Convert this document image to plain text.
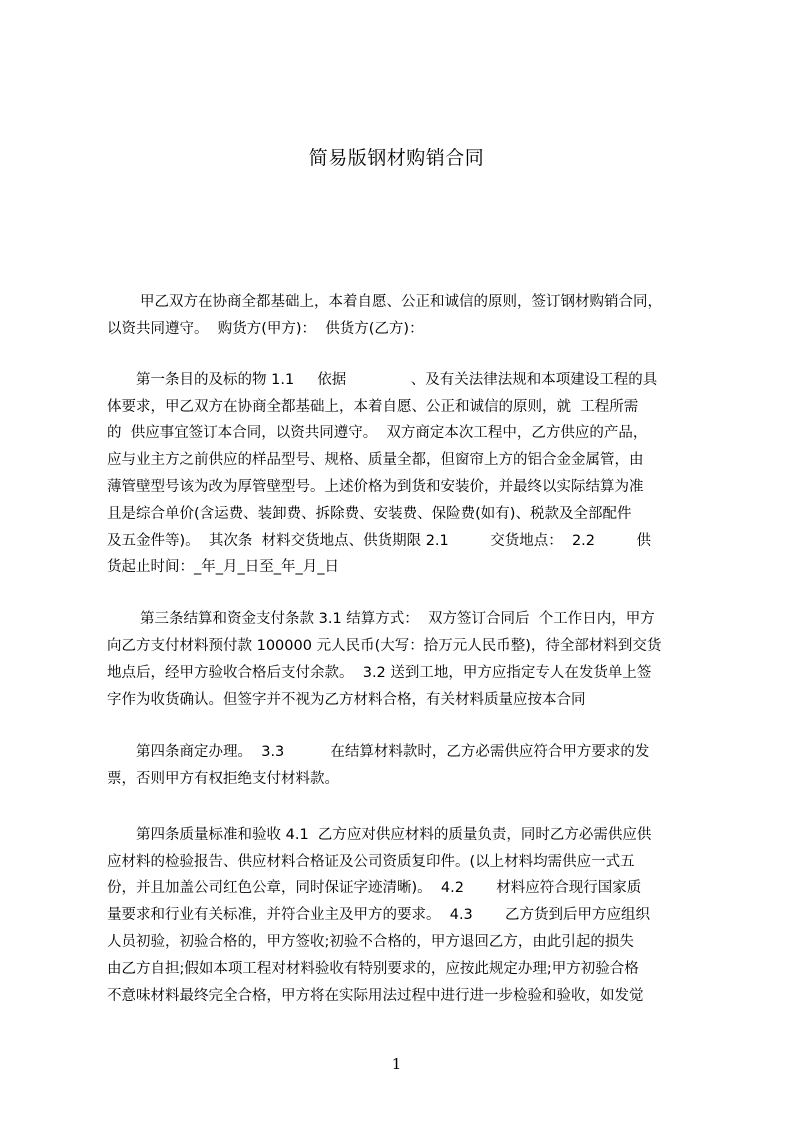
简易版钢材购销合同
甲乙双方在协商全都基础上，本着自愿、公正和诚信的原则，签订钢材购销合同，
以资共同遵守。  购货方(甲方)：  供货方(乙方)：
第一条目的及标的物 1.1     依据              、及有关法律法规和本项建设工程的具
体要求，甲乙双方在协商全都基础上，本着自愿、公正和诚信的原则，就  工程所需
的  供应事宜签订本合同，以资共同遵守。  双方商定本次工程中，乙方供应的产品，
应与业主方之前供应的样品型号、规格、质量全都，但窗帘上方的铝合金金属管，由
薄管壁型号该为改为厚管壁型号。上述价格为到货和安装价，并最终以实际结算为准
且是综合单价(含运费、装卸费、拆除费、安装费、保险费(如有)、税款及全部配件
及五金件等)。  其次条  材料交货地点、供货期限 2.1         交货地点：  2.2         供
货起止时间：_年_月_日至_年_月_日
第三条结算和资金支付条款 3.1 结算方式：  双方签订合同后  个工作日内，甲方
向乙方支付材料预付款 100000 元人民币(大写：拾万元人民币整)，待全部材料到交货
地点后，经甲方验收合格后支付余款。  3.2 送到工地，甲方应指定专人在发货单上签
字作为收货确认。但签字并不视为乙方材料合格，有关材料质量应按本合同
第四条商定办理。  3.3          在结算材料款时，乙方必需供应符合甲方要求的发
票，否则甲方有权拒绝支付材料款。
第四条质量标准和验收 4.1  乙方应对供应材料的质量负责，同时乙方必需供应供
应材料的检验报告、供应材料合格证及公司资质复印件。(以上材料均需供应一式五
份，并且加盖公司红色公章，同时保证字迹清晰)。  4.2       材料应符合现行国家质
量要求和行业有关标准，并符合业主及甲方的要求。  4.3       乙方货到后甲方应组织
人员初验，初验合格的，甲方签收;初验不合格的，甲方退回乙方，由此引起的损失
由乙方自担;假如本项工程对材料验收有特别要求的，应按此规定办理;甲方初验合格
不意味材料最终完全合格，甲方将在实际用法过程中进行进一步检验和验收，如发觉
1
